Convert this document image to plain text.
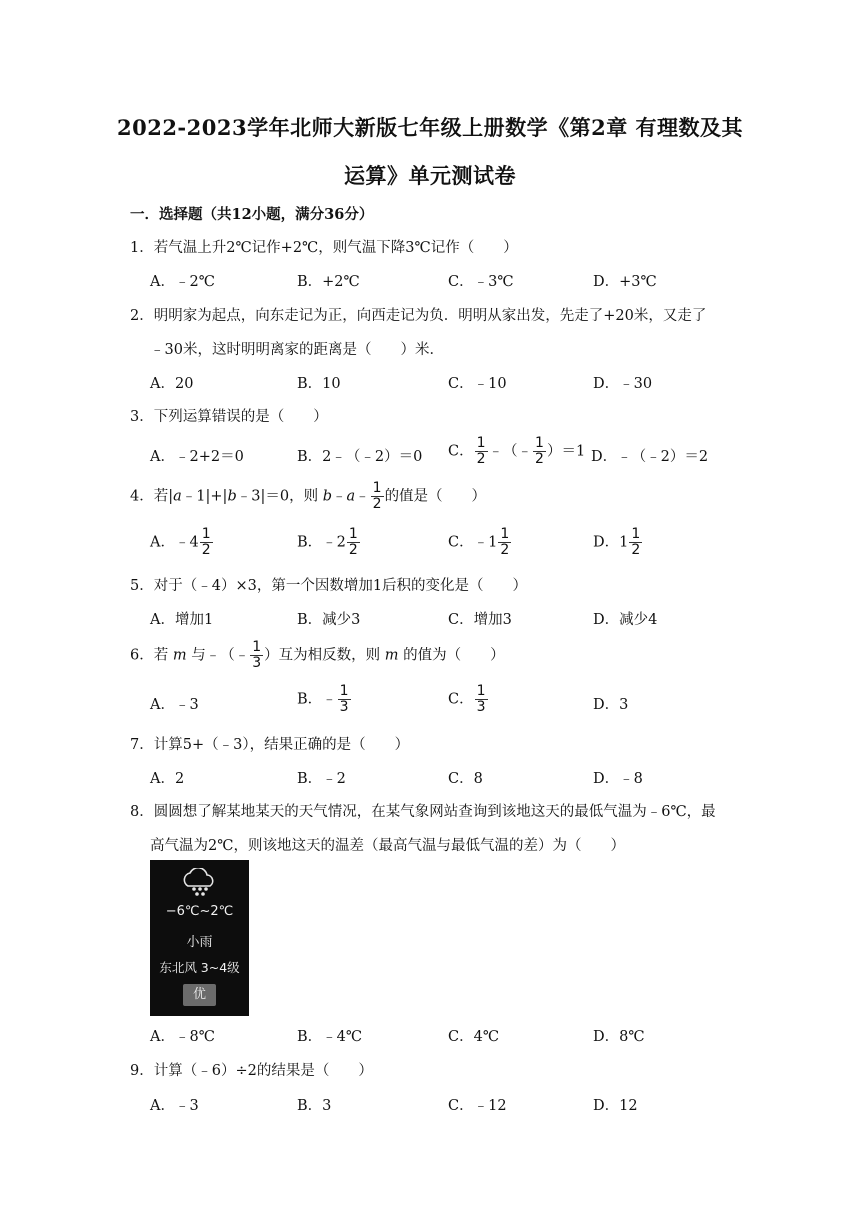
2022-2023学年北师大新版七年级上册数学《第2章 有理数及其
运算》单元测试卷
一．选择题（共12小题，满分36分）
1．若气温上升2℃记作+2℃，则气温下降3℃记作（　　）
A．﹣2℃	B．+2℃	C．﹣3℃	D．+3℃
2．明明家为起点，向东走记为正，向西走记为负．明明从家出发，先走了+20米，又走了
﹣30米，这时明明离家的距离是（　　）米．
A．20	B．10	C．﹣10	D．﹣30
3．下列运算错误的是（　　）
A．﹣2+2＝0	B．2﹣（﹣2）＝0 C． $\frac{1}{2}$ ﹣（﹣ $\frac{1}{2} )=1$ D．﹣（﹣2）＝2
4．若|a﹣1|+|b﹣3|＝0，则 b﹣a﹣ $\frac{1}{2}$ 的值是（　　）
A．﹣4 $\frac{1}{2}$	B．﹣2 $\frac{1}{2}$	C．﹣1 $\frac{1}{2}$	D．$1 \frac{1}{2}$
5．对于（﹣4）×3，第一个因数增加1后积的变化是（　　）
A．增加1	B．减少3	C．增加3	D．减少4
6．若 m 与﹣（﹣ $\frac{1}{3}$ ）互为相反数，则 m 的值为（　　）
A．﹣3	B．﹣ $\frac{1}{3}$	C． $\frac{1}{3}$	D．3
7．计算5+（﹣3），结果正确的是（　　）
A．2	B．﹣2	C．8	D．﹣8
8．圆圆想了解某地某天的天气情况，在某气象网站查询到该地这天的最低气温为﹣6℃，最
高气温为2℃，则该地这天的温差（最高气温与最低气温的差）为（　　）
−6℃~2℃
小雨
东北风 3~4级
优
A．﹣8℃	B．﹣4℃	C．4℃	D．8℃
9．计算（﹣6）÷2的结果是（　　）
A．﹣3	B．3	C．﹣12	D．12
